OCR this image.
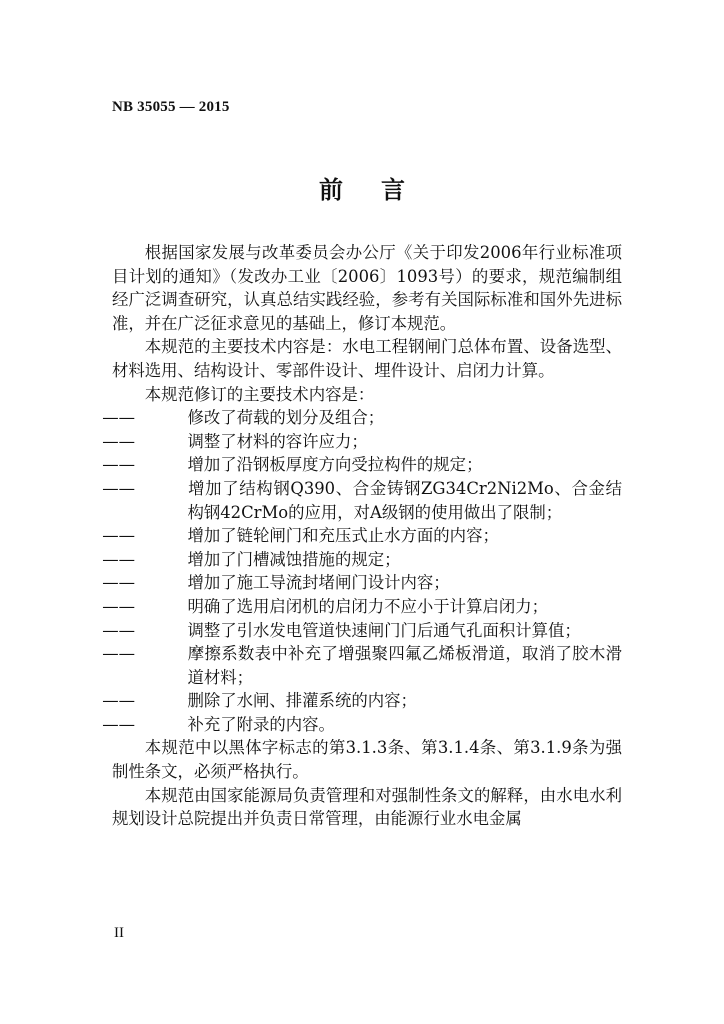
NB 35055 — 2015
前言

根据国家发展与改革委员会办公厅《关于印发2006年行业标准项目计划的通知》（发改办工业〔2006〕1093号）的要求，规范编制组经广泛调查研究，认真总结实践经验，参考有关国际标准和国外先进标准，并在广泛征求意见的基础上，修订本规范。

本规范的主要技术内容是：水电工程钢闸门总体布置、设备选型、材料选用、结构设计、零部件设计、埋件设计、启闭力计算。

本规范修订的主要技术内容是：

——	修改了荷载的划分及组合；

——	调整了材料的容许应力；

——	增加了沿钢板厚度方向受拉构件的规定；

——	增加了结构钢Q390、合金铸钢ZG34Cr2Ni2Mo、合金结构钢42CrMo的应用，对A级钢的使用做出了限制；

——	增加了链轮闸门和充压式止水方面的内容；

——	增加了门槽减蚀措施的规定；

——	增加了施工导流封堵闸门设计内容；

——	明确了选用启闭机的启闭力不应小于计算启闭力；

——	调整了引水发电管道快速闸门门后通气孔面积计算值；

——	摩擦系数表中补充了增强聚四氟乙烯板滑道，取消了胶木滑道材料；

——	删除了水闸、排灌系统的内容；

——	补充了附录的内容。

本规范中以黑体字标志的第3.1.3条、第3.1.4条、第3.1.9条为强制性条文，必须严格执行。

本规范由国家能源局负责管理和对强制性条文的解释，由水电水利规划设计总院提出并负责日常管理，由能源行业水电金属

II
